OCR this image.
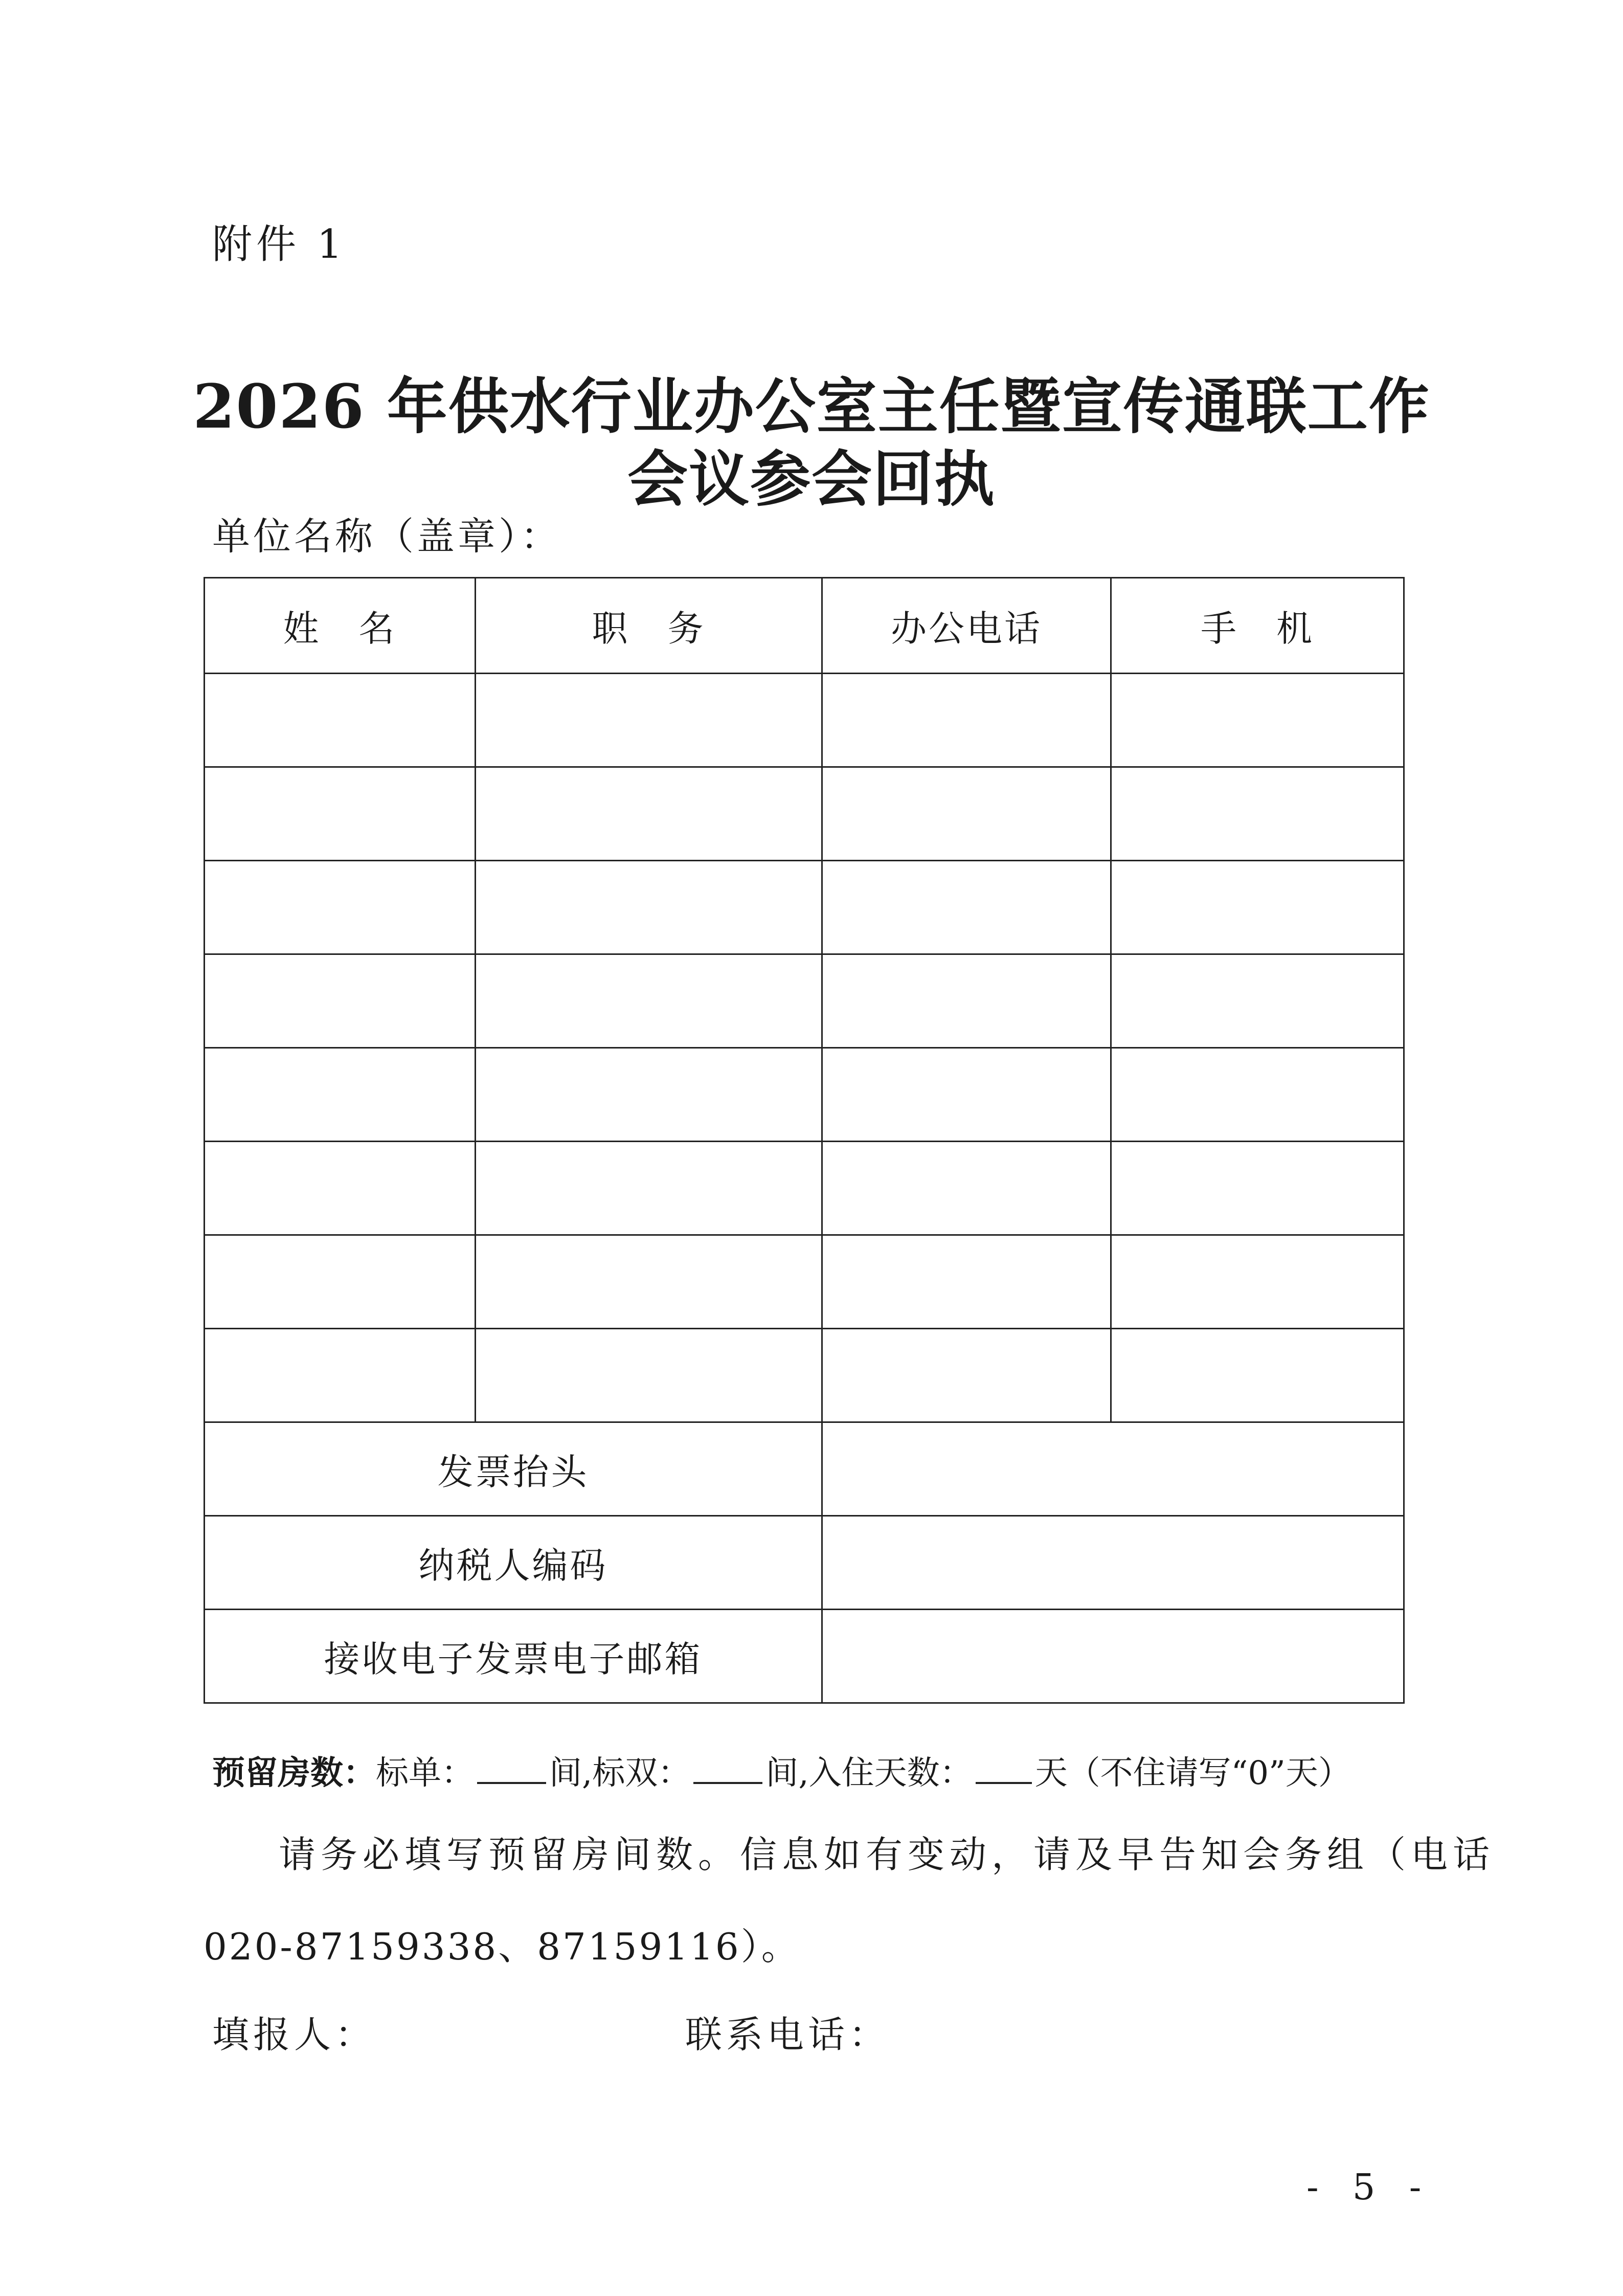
附件 1
2026 年供水行业办公室主任暨宣传通联工作
会议参会回执
单位名称（盖章）：
姓　名	职　务	办公电话	手　机

发票抬头			
纳税人编码			
接收电子发票电子邮箱			
预留房数：标单： 间,标双： 间,入住天数： 天（不住请写“0”天）
请务必填写预留房间数。信息如有变动，请及早告知会务组（电话
020-87159338、87159116）。
填报人：	联系电话：
- 5 -
